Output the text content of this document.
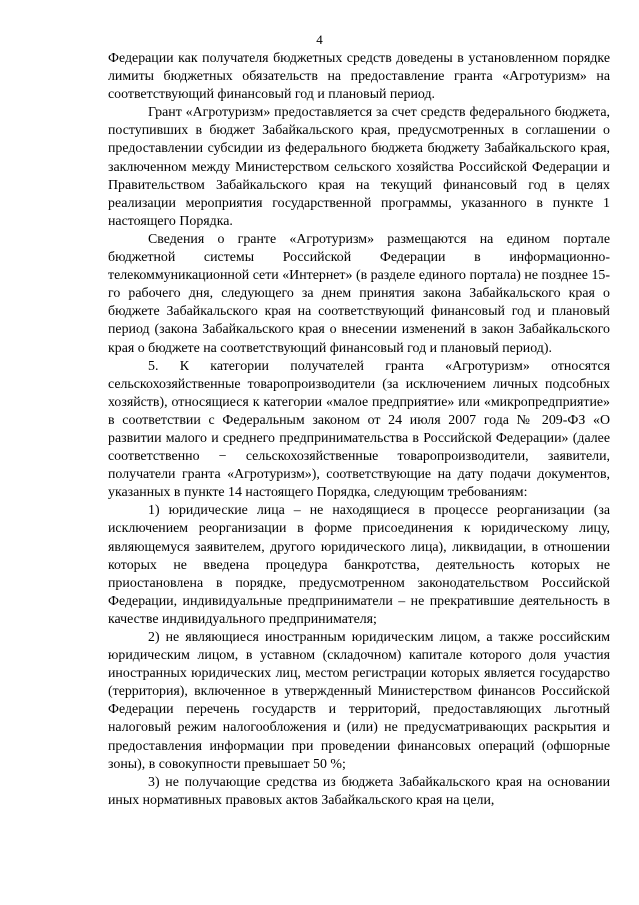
4

Федерации как получателя бюджетных средств доведены в установленном порядке лимиты бюджетных обязательств на предоставление гранта «Агротуризм» на соответствующий финансовый год и плановый период.

Грант «Агротуризм» предоставляется за счет средств федерального бюджета, поступивших в бюджет Забайкальского края, предусмотренных в соглашении о предоставлении субсидии из федерального бюджета бюджету Забайкальского края, заключенном между Министерством сельского хозяйства Российской Федерации и Правительством Забайкальского края на текущий финансовый год в целях реализации мероприятия государственной программы, указанного в пункте 1 настоящего Порядка.

Сведения о гранте «Агротуризм» размещаются на едином портале бюджетной системы Российской Федерации в информационно-телекоммуникационной сети «Интернет» (в разделе единого портала) не позднее 15-го рабочего дня, следующего за днем принятия закона Забайкальского края о бюджете Забайкальского края на соответствующий финансовый год и плановый период (закона Забайкальского края о внесении изменений в закон Забайкальского края о бюджете на соответствующий финансовый год и плановый период).

5. К категории получателей гранта «Агротуризм» относятся сельскохозяйственные товаропроизводители (за исключением личных подсобных хозяйств), относящиеся к категории «малое предприятие» или «микропредприятие» в соответствии с Федеральным законом от 24 июля 2007 года № 209-ФЗ «О развитии малого и среднего предпринимательства в Российской Федерации» (далее соответственно − сельскохозяйственные товаропроизводители, заявители, получатели гранта «Агротуризм»), соответствующие на дату подачи документов, указанных в пункте 14 настоящего Порядка, следующим требованиям:

1) юридические лица – не находящиеся в процессе реорганизации (за исключением реорганизации в форме присоединения к юридическому лицу, являющемуся заявителем, другого юридического лица), ликвидации, в отношении которых не введена процедура банкротства, деятельность которых не приостановлена в порядке, предусмотренном законодательством Российской Федерации, индивидуальные предприниматели – не прекратившие деятельность в качестве индивидуального предпринимателя;

2) не являющиеся иностранным юридическим лицом, а также российским юридическим лицом, в уставном (складочном) капитале которого доля участия иностранных юридических лиц, местом регистрации которых является государство (территория), включенное в утвержденный Министерством финансов Российской Федерации перечень государств и территорий, предоставляющих льготный налоговый режим налогообложения и (или) не предусматривающих раскрытия и предоставления информации при проведении финансовых операций (офшорные зоны), в совокупности превышает 50 %;

3) не получающие средства из бюджета Забайкальского края на основании иных нормативных правовых актов Забайкальского края на цели,
